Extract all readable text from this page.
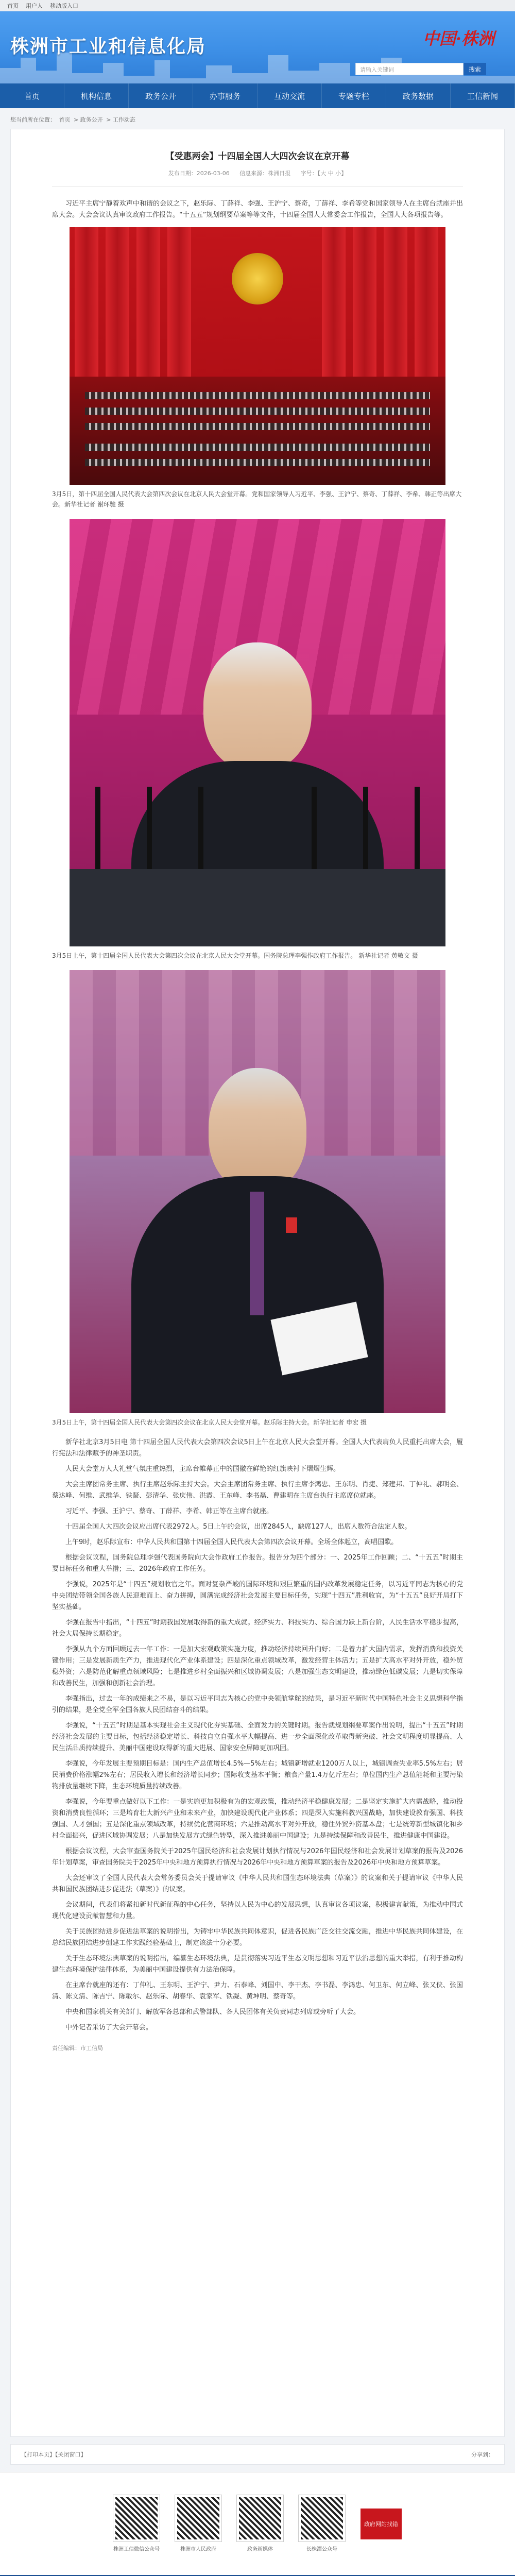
首页 用户人 移动版入口
株洲市工业和信息化局	中国·株洲
请输入关键词	搜索
首页	机构信息	政务公开	办事服务	互动交流	专题专栏	政务数据	工信新闻
您当前所在位置： 首页 > 政务公开 > 工作动态
【受惠两会】十四届全国人大四次会议在京开幕
发布日期：2026-03-06 信息来源：株洲日报 字号：【大 中 小】

习近平主席宁静着欢声中和谐的会议之下，赵乐际、丁薛祥、李强、王沪宁、蔡奇，丁薛祥、李希等党和国家领导人在主席台就座并出席大会。大会会议认真审议政府工作报告。“十五五”规划纲要草案等等文件，十四届全国人大常委会工作报告，全国人大各项报告等。

3月5日，第十四届全国人民代表大会第四次会议在北京人民大会堂开幕。党和国家领导人习近平、李强、王沪宁、蔡奇、丁薛祥、李希、韩正等出席大会。新华社记者 谢环驰 摄

3月5日上午，第十四届全国人民代表大会第四次会议在北京人民大会堂开幕。国务院总理李强作政府工作报告。 新华社记者 黄敬文 摄

3月5日上午，第十四届全国人民代表大会第四次会议在北京人民大会堂开幕。赵乐际主持大会。新华社记者 申宏 摄

新华社北京3月5日电 第十四届全国人民代表大会第四次会议5日上午在北京人民大会堂开幕。全国人大代表肩负人民重托出席大会，履行宪法和法律赋予的神圣职责。

人民大会堂万人大礼堂气氛庄重热烈，主席台帷幕正中的国徽在鲜艳的红旗映衬下熠熠生辉。

大会主席团常务主席、执行主席赵乐际主持大会。大会主席团常务主席、执行主席李鸿忠、王东明、肖捷、郑建邦、丁仲礼、郝明金、蔡达峰、何维、武维华、铁凝、彭清华、张庆伟、洪霞、王东峰、李书磊、曹建明在主席台执行主席席位就座。

习近平、李强、王沪宁、蔡奇、丁薛祥、李希、韩正等在主席台就座。

十四届全国人大四次会议应出席代表2972人。5日上午的会议，出席2845人，缺席127人，出席人数符合法定人数。

上午9时，赵乐际宣布：中华人民共和国第十四届全国人民代表大会第四次会议开幕。全场全体起立，高唱国歌。

根据会议议程，国务院总理李强代表国务院向大会作政府工作报告。报告分为四个部分：一、2025年工作回顾；二、“十五五”时期主要目标任务和重大举措；三、2026年政府工作任务。

李强说，2025年是“十四五”规划收官之年。面对复杂严峻的国际环境和艰巨繁重的国内改革发展稳定任务，以习近平同志为核心的党中央团结带领全国各族人民迎难而上、奋力拼搏，圆满完成经济社会发展主要目标任务，实现“十四五”胜利收官，为“十五五”良好开局打下坚实基础。

李强在报告中指出，“十四五”时期我国发展取得新的重大成就。经济实力、科技实力、综合国力跃上新台阶，人民生活水平稳步提高，社会大局保持长期稳定。

李强从九个方面回顾过去一年工作：一是加大宏观政策实施力度，推动经济持续回升向好；二是着力扩大国内需求，发挥消费和投资关键作用；三是发展新质生产力，推进现代化产业体系建设；四是深化重点领域改革，激发经营主体活力；五是扩大高水平对外开放，稳外贸稳外资；六是防范化解重点领域风险；七是推进乡村全面振兴和区域协调发展；八是加强生态文明建设，推动绿色低碳发展；九是切实保障和改善民生，加强和创新社会治理。

李强指出，过去一年的成绩来之不易，是以习近平同志为核心的党中央领航掌舵的结果，是习近平新时代中国特色社会主义思想科学指引的结果，是全党全军全国各族人民团结奋斗的结果。

李强说，“十五五”时期是基本实现社会主义现代化夯实基础、全面发力的关键时期。报告就规划纲要草案作出说明，提出“十五五”时期经济社会发展的主要目标，包括经济稳定增长、科技自立自强水平大幅提高、进一步全面深化改革取得新突破、社会文明程度明显提高、人民生活品质持续提升、美丽中国建设取得新的重大进展、国家安全屏障更加巩固。

李强说，今年发展主要预期目标是：国内生产总值增长4.5%—5%左右；城镇新增就业1200万人以上，城镇调查失业率5.5%左右；居民消费价格涨幅2%左右；居民收入增长和经济增长同步；国际收支基本平衡；粮食产量1.4万亿斤左右；单位国内生产总值能耗和主要污染物排放量继续下降，生态环境质量持续改善。

李强说，今年要重点做好以下工作：一是实施更加积极有为的宏观政策，推动经济平稳健康发展；二是坚定实施扩大内需战略，推动投资和消费良性循环；三是培育壮大新兴产业和未来产业，加快建设现代化产业体系；四是深入实施科教兴国战略，加快建设教育强国、科技强国、人才强国；五是深化重点领域改革，持续优化营商环境；六是推动高水平对外开放，稳住外贸外资基本盘；七是统筹新型城镇化和乡村全面振兴，促进区域协调发展；八是加快发展方式绿色转型，深入推进美丽中国建设；九是持续保障和改善民生，推进健康中国建设。

根据会议议程，大会审查国务院关于2025年国民经济和社会发展计划执行情况与2026年国民经济和社会发展计划草案的报告及2026年计划草案，审查国务院关于2025年中央和地方预算执行情况与2026年中央和地方预算草案的报告及2026年中央和地方预算草案。

大会还审议了全国人民代表大会常务委员会关于提请审议《中华人民共和国生态环境法典（草案）》的议案和关于提请审议《中华人民共和国民族团结进步促进法（草案）》的议案。

会议期间，代表们将紧扣新时代新征程的中心任务，坚持以人民为中心的发展思想，认真审议各项议案，积极建言献策，为推动中国式现代化建设贡献智慧和力量。

关于民族团结进步促进法草案的说明指出，为铸牢中华民族共同体意识，促进各民族广泛交往交流交融，推进中华民族共同体建设，在总结民族团结进步创建工作实践经验基础上，制定该法十分必要。

关于生态环境法典草案的说明指出，编纂生态环境法典，是贯彻落实习近平生态文明思想和习近平法治思想的重大举措，有利于推动构建生态环境保护法律体系，为美丽中国建设提供有力法治保障。

在主席台就座的还有：丁仲礼、王东明、王沪宁、尹力、石泰峰、刘国中、李干杰、李书磊、李鸿忠、何卫东、何立峰、张又侠、张国清、陈文清、陈吉宁、陈敏尔、赵乐际、胡春华、袁家军、铁凝、黄坤明、蔡奇等。

中央和国家机关有关部门、解放军各总部和武警部队、各人民团体有关负责同志列席或旁听了大会。

中外记者采访了大会开幕会。

责任编辑：市工信局
【打印本页】【关闭窗口】	分享到：
株洲工信微信公众号	株洲市人民政府	政务新媒体	长株潭公众号
政府网站找错
